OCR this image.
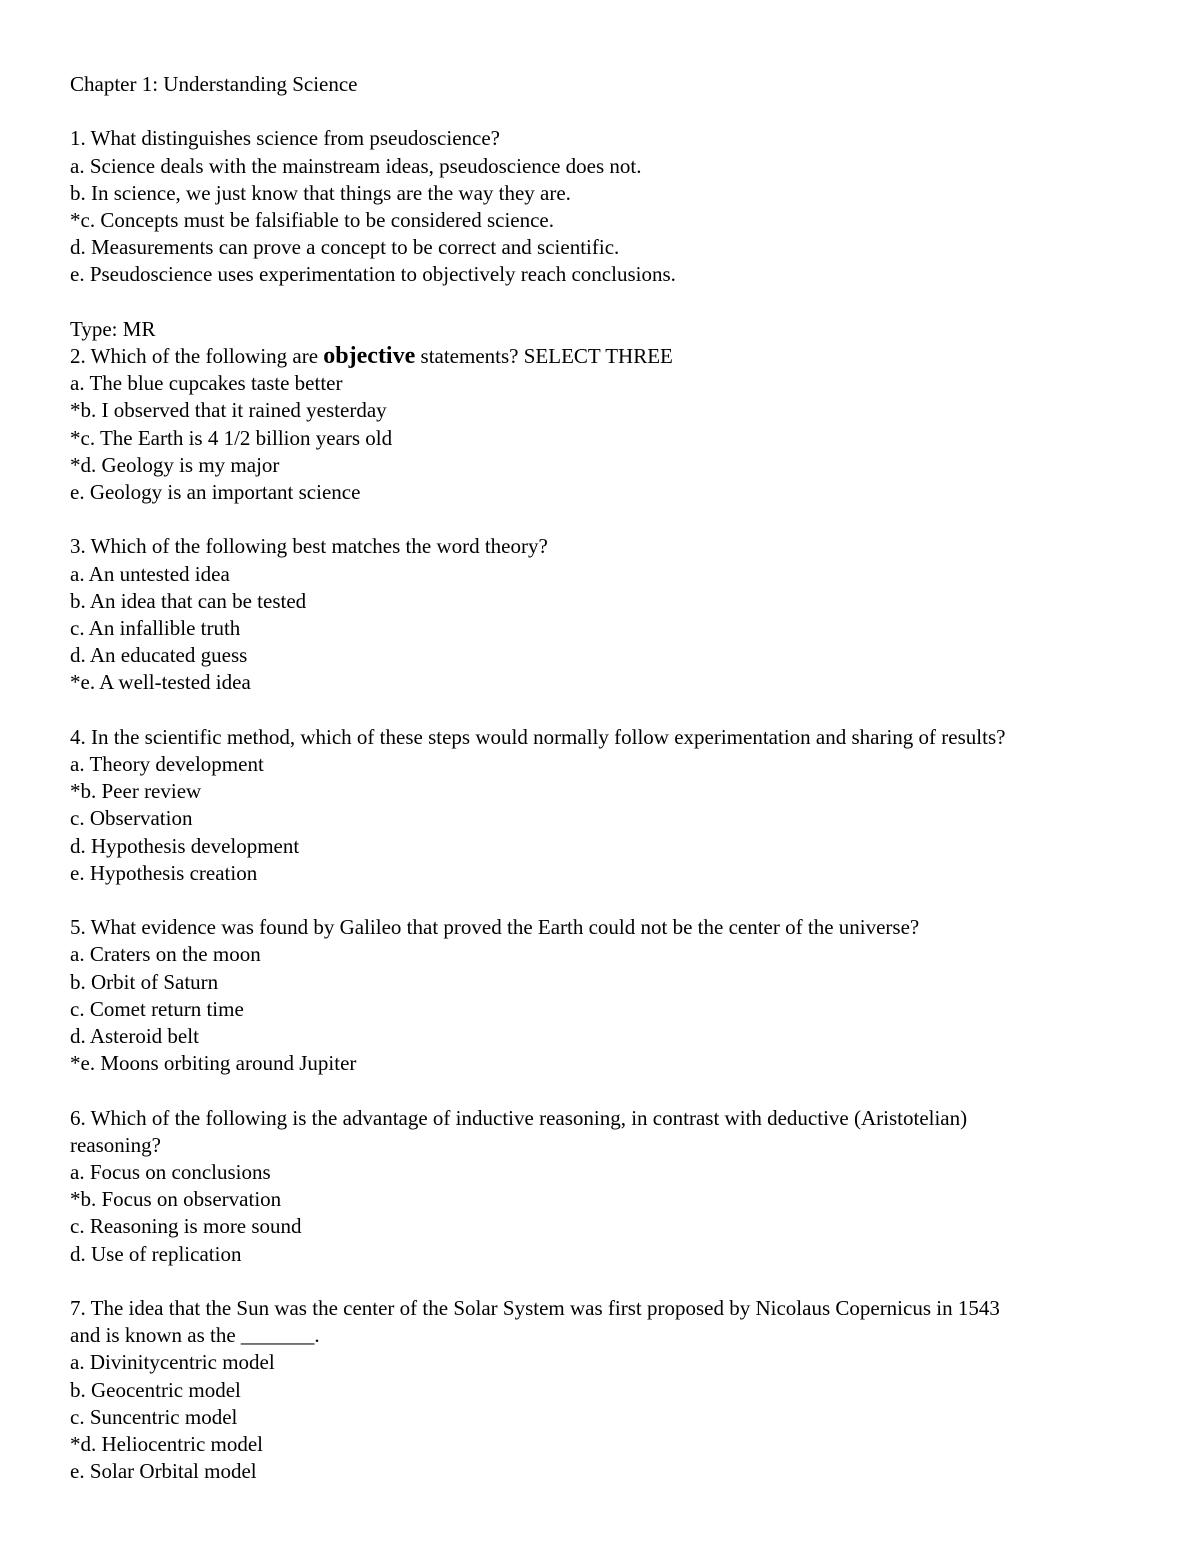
Chapter 1: Understanding Science
1. What distinguishes science from pseudoscience?
a. Science deals with the mainstream ideas, pseudoscience does not.
b. In science, we just know that things are the way they are.
*c. Concepts must be falsifiable to be considered science.
d. Measurements can prove a concept to be correct and scientific.
e. Pseudoscience uses experimentation to objectively reach conclusions.
Type: MR
2. Which of the following are objective statements? SELECT THREE
a. The blue cupcakes taste better
*b. I observed that it rained yesterday
*c. The Earth is 4 1/2 billion years old
*d. Geology is my major
e. Geology is an important science
3. Which of the following best matches the word theory?
a. An untested idea
b. An idea that can be tested
c. An infallible truth
d. An educated guess
*e. A well-tested idea
4. In the scientific method, which of these steps would normally follow experimentation and sharing of results?
a. Theory development
*b. Peer review
c. Observation
d. Hypothesis development
e. Hypothesis creation
5. What evidence was found by Galileo that proved the Earth could not be the center of the universe?
a. Craters on the moon
b. Orbit of Saturn
c. Comet return time
d. Asteroid belt
*e. Moons orbiting around Jupiter
6. Which of the following is the advantage of inductive reasoning, in contrast with deductive (Aristotelian)
reasoning?
a. Focus on conclusions
*b. Focus on observation
c. Reasoning is more sound
d. Use of replication
7. The idea that the Sun was the center of the Solar System was first proposed by Nicolaus Copernicus in 1543
and is known as the _______.
a. Divinitycentric model
b. Geocentric model
c. Suncentric model
*d. Heliocentric model
e. Solar Orbital model
